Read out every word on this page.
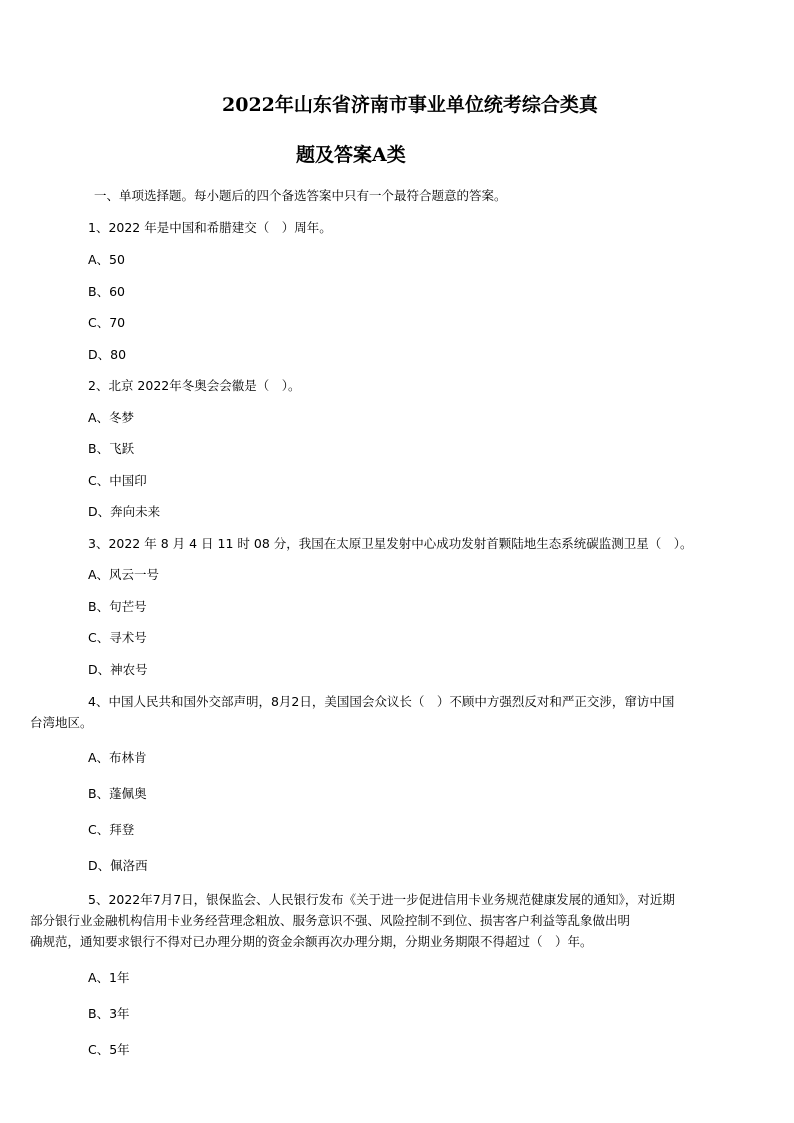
2022年山东省济南市事业单位统考综合类真
题及答案A类
一、单项选择题。每小题后的四个备选答案中只有一个最符合题意的答案。
1、2022 年是中国和希腊建交（　）周年。
A、50
B、60
C、70
D、80
2、北京 2022年冬奥会会徽是（　）。
A、冬梦
B、飞跃
C、中国印
D、奔向未来
3、2022 年 8 月 4 日 11 时 08 分，我国在太原卫星发射中心成功发射首颗陆地生态系统碳监测卫星（　）。
A、风云一号
B、句芒号
C、寻术号
D、神农号
4、中国人民共和国外交部声明，8月2日，美国国会众议长（　）不顾中方强烈反对和严正交涉，窜访中国
台湾地区。
A、布林肯
B、蓬佩奥
C、拜登
D、佩洛西
5、2022年7月7日，银保监会、人民银行发布《关于进一步促进信用卡业务规范健康发展的通知》，对近期
部分银行业金融机构信用卡业务经营理念粗放、服务意识不强、风险控制不到位、损害客户利益等乱象做出明
确规范，通知要求银行不得对已办理分期的资金余额再次办理分期，分期业务期限不得超过（　）年。
A、1年
B、3年
C、5年
